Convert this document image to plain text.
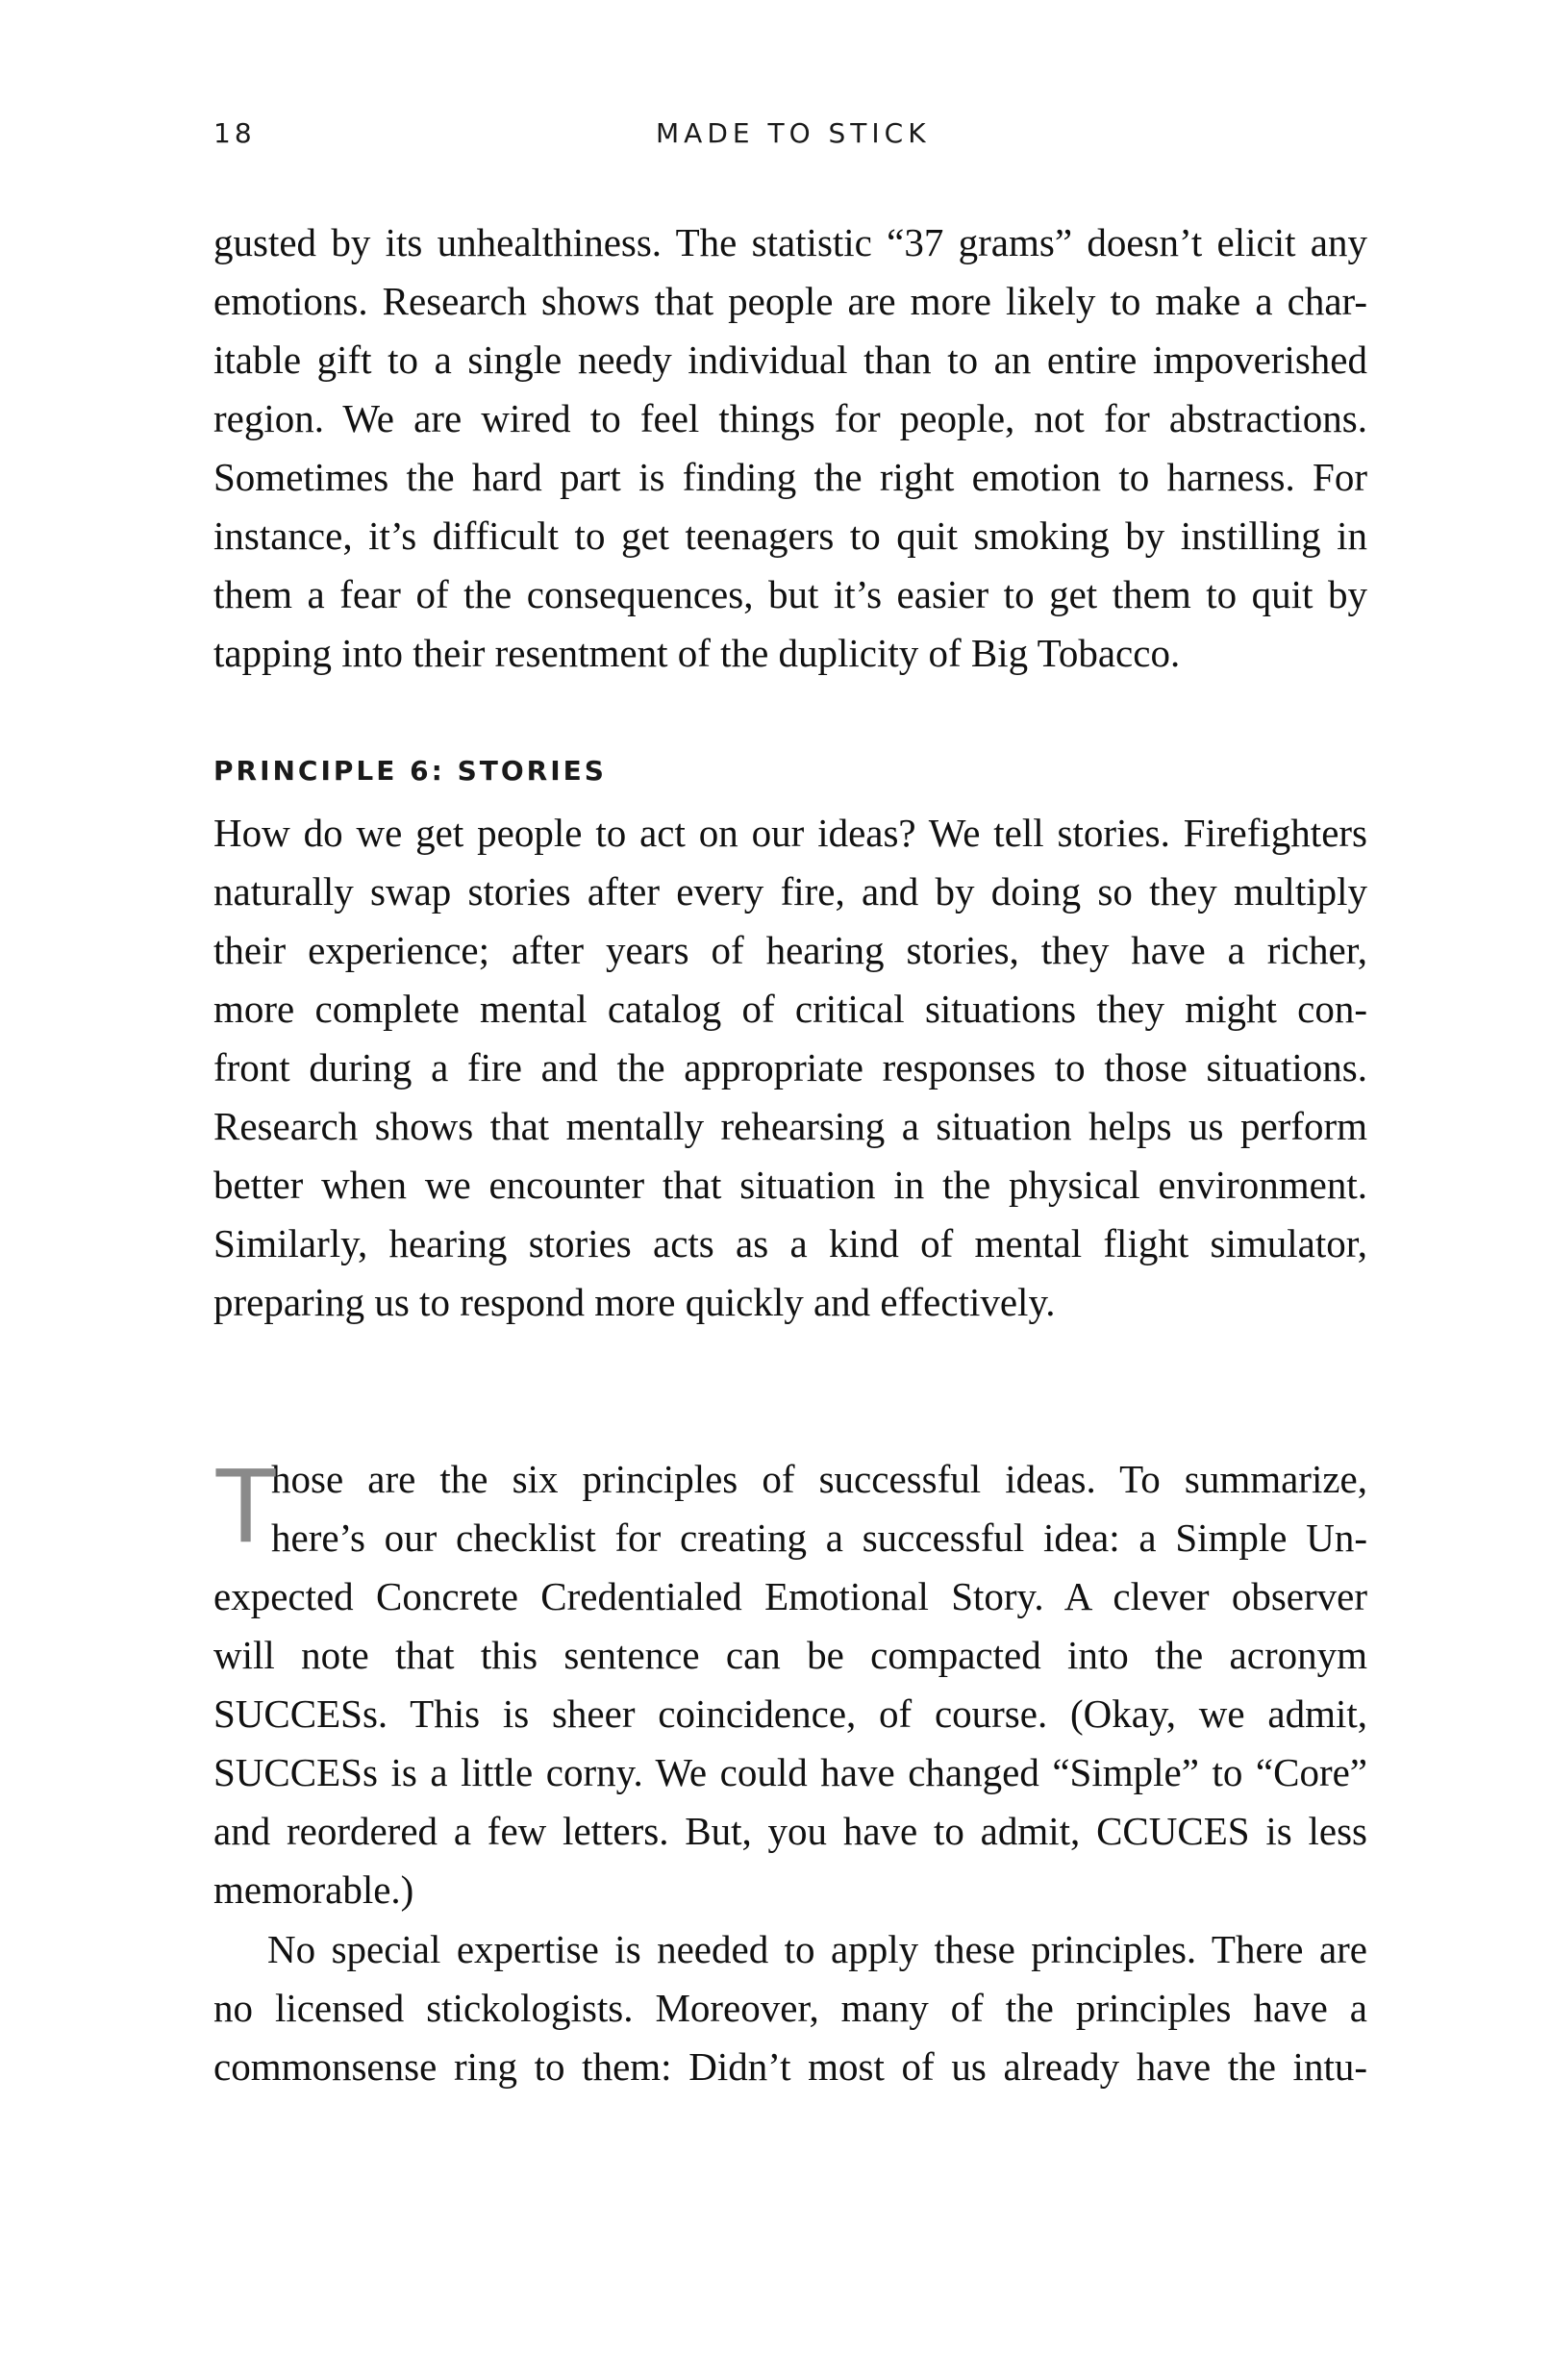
18	MADE TO STICK

gusted by its unhealthiness. The statistic “37 grams” doesn’t elicit any
emotions. Research shows that people are more likely to make a char-
itable gift to a single needy individual than to an entire impoverished
region. We are wired to feel things for people, not for abstractions.
Sometimes the hard part is finding the right emotion to harness. For
instance, it’s difficult to get teenagers to quit smoking by instilling in
them a fear of the consequences, but it’s easier to get them to quit by
tapping into their resentment of the duplicity of Big Tobacco.

PRINCIPLE 6: STORIES

How do we get people to act on our ideas? We tell stories. Firefighters
naturally swap stories after every fire, and by doing so they multiply
their experience; after years of hearing stories, they have a richer,
more complete mental catalog of critical situations they might con-
front during a fire and the appropriate responses to those situations.
Research shows that mentally rehearsing a situation helps us perform
better when we encounter that situation in the physical environment.
Similarly, hearing stories acts as a kind of mental flight simulator,
preparing us to respond more quickly and effectively.

T
hose are the six principles of successful ideas. To summarize,
here’s our checklist for creating a successful idea: a Simple Un-
expected Concrete Credentialed Emotional Story. A clever observer
will note that this sentence can be compacted into the acronym
SUCCESs. This is sheer coincidence, of course. (Okay, we admit,
SUCCESs is a little corny. We could have changed “Simple” to “Core”
and reordered a few letters. But, you have to admit, CCUCES is less
memorable.)

No special expertise is needed to apply these principles. There are
no licensed stickologists. Moreover, many of the principles have a
commonsense ring to them: Didn’t most of us already have the intu-
